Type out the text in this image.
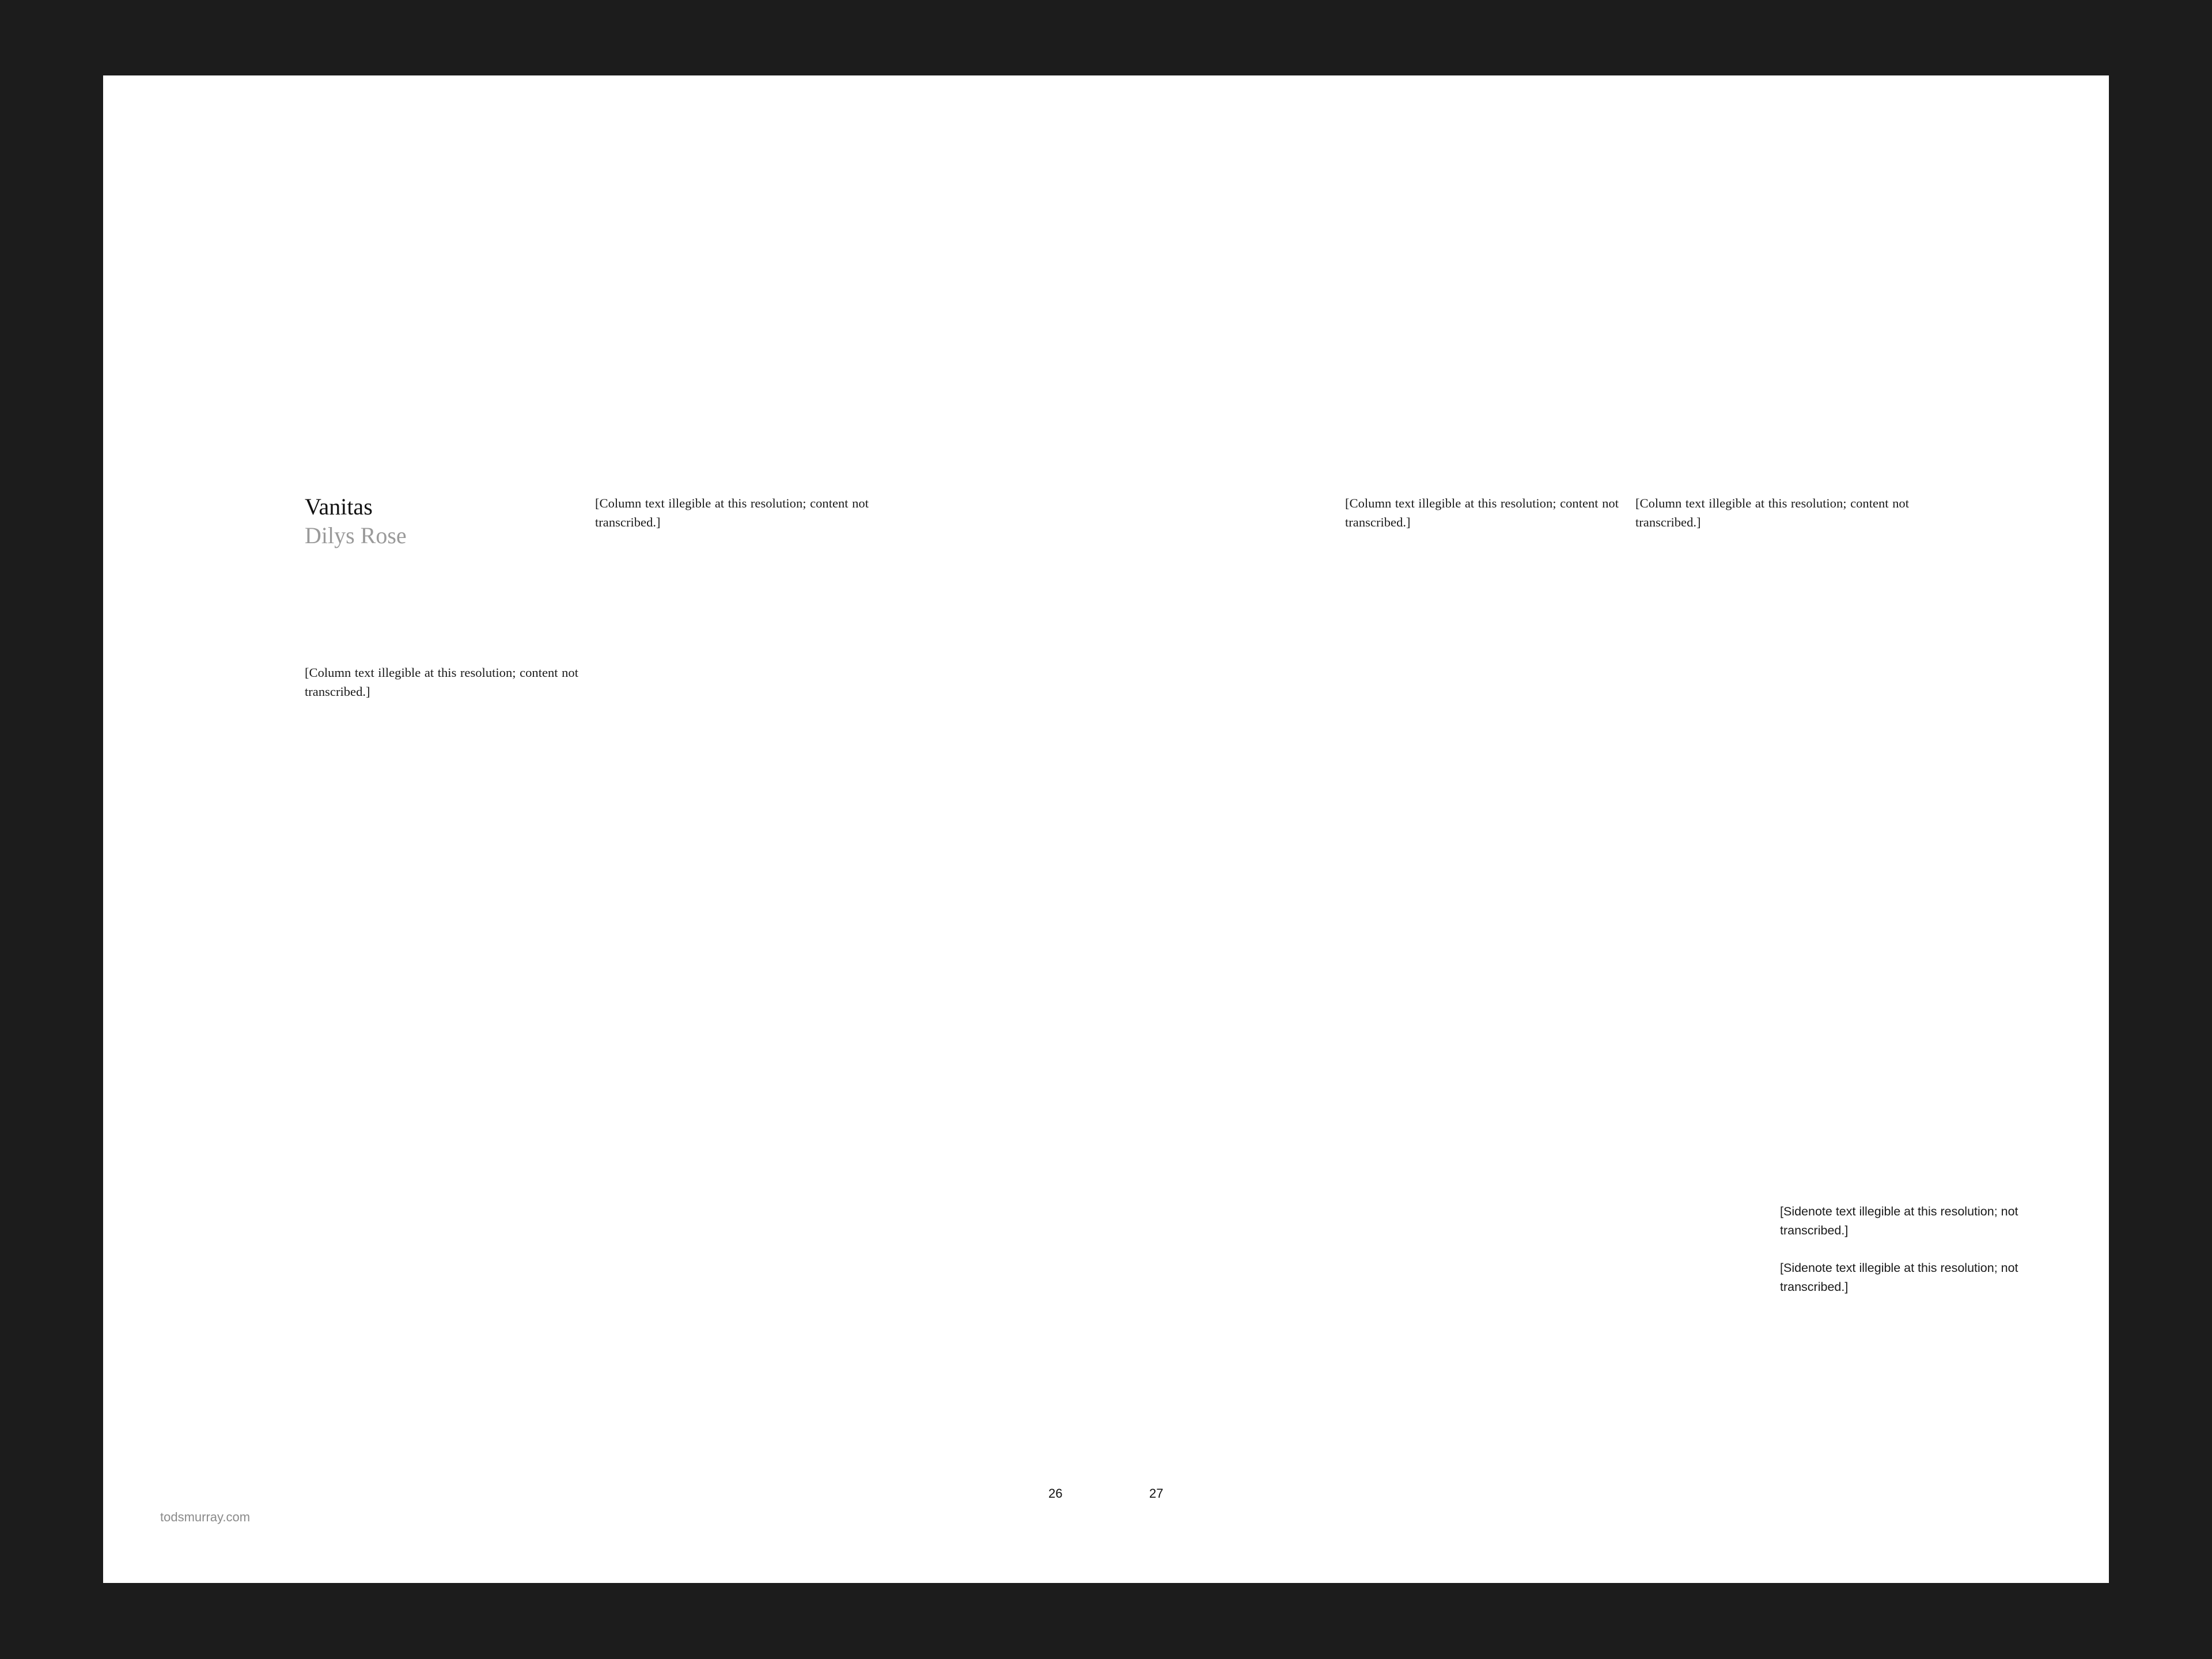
Vanitas
Dilys Rose

[Column text illegible at this resolution; content not transcribed.]

[Column text illegible at this resolution; content not transcribed.]

[Column text illegible at this resolution; content not transcribed.]

[Column text illegible at this resolution; content not transcribed.]

[Sidenote text illegible at this resolution; not transcribed.]

[Sidenote text illegible at this resolution; not transcribed.]

26	27
todsmurray.com
